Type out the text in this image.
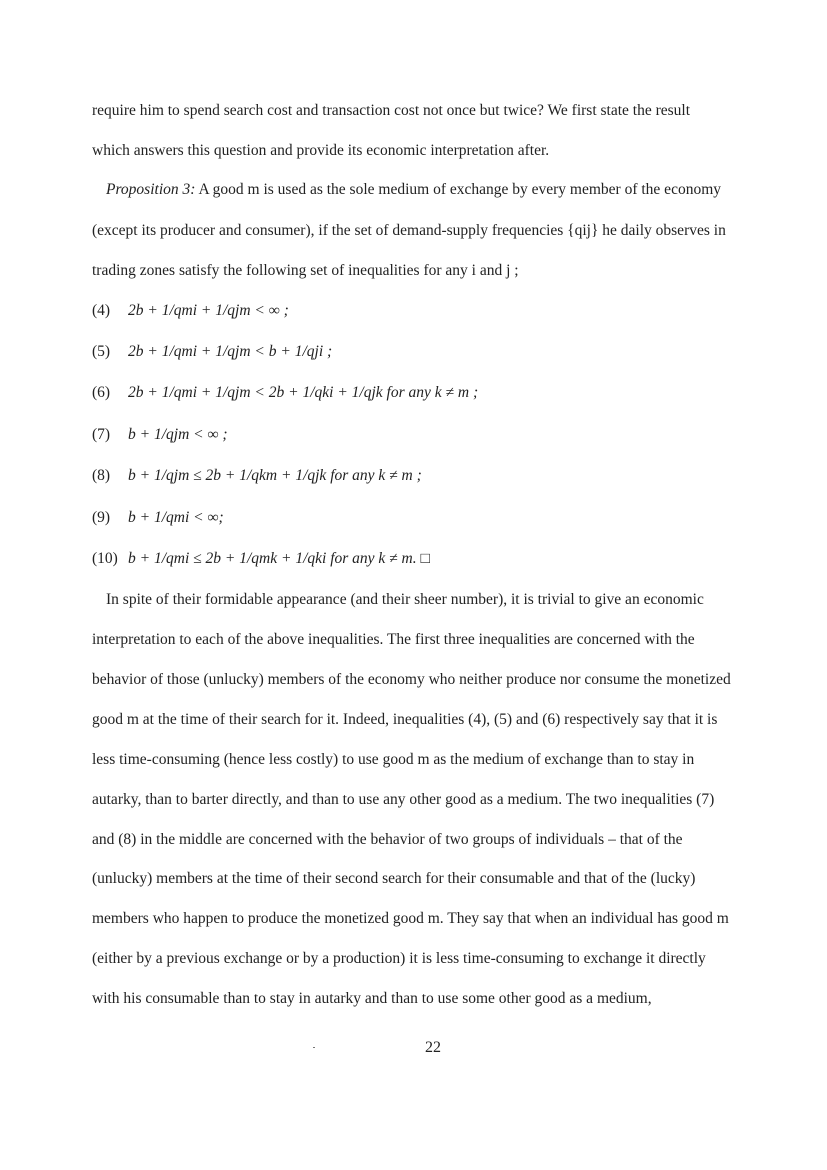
require him to spend search cost and transaction cost not once but twice? We first state the result
which answers this question and provide its economic interpretation after.
Proposition 3: A good m is used as the sole medium of exchange by every member of the economy
(except its producer and consumer), if the set of demand-supply frequencies {qij} he daily observes in
trading zones satisfy the following set of inequalities for any i and j ;
(4) 2b + 1/qmi + 1/qjm < ∞ ;
(5) 2b + 1/qmi + 1/qjm < b + 1/qji ;
(6) 2b + 1/qmi + 1/qjm < 2b + 1/qki + 1/qjk for any k ≠ m ;
(7) b + 1/qjm < ∞ ;
(8) b + 1/qjm ≤ 2b + 1/qkm + 1/qjk for any k ≠ m ;
(9) b + 1/qmi < ∞;
(10) b + 1/qmi ≤ 2b + 1/qmk + 1/qki for any k ≠ m. □
In spite of their formidable appearance (and their sheer number), it is trivial to give an economic
interpretation to each of the above inequalities. The first three inequalities are concerned with the
behavior of those (unlucky) members of the economy who neither produce nor consume the monetized
good m at the time of their search for it. Indeed, inequalities (4), (5) and (6) respectively say that it is
less time-consuming (hence less costly) to use good m as the medium of exchange than to stay in
autarky, than to barter directly, and than to use any other good as a medium. The two inequalities (7)
and (8) in the middle are concerned with the behavior of two groups of individuals – that of the
(unlucky) members at the time of their second search for their consumable and that of the (lucky)
members who happen to produce the monetized good m. They say that when an individual has good m
(either by a previous exchange or by a production) it is less time-consuming to exchange it directly
with his consumable than to stay in autarky and than to use some other good as a medium,
22
